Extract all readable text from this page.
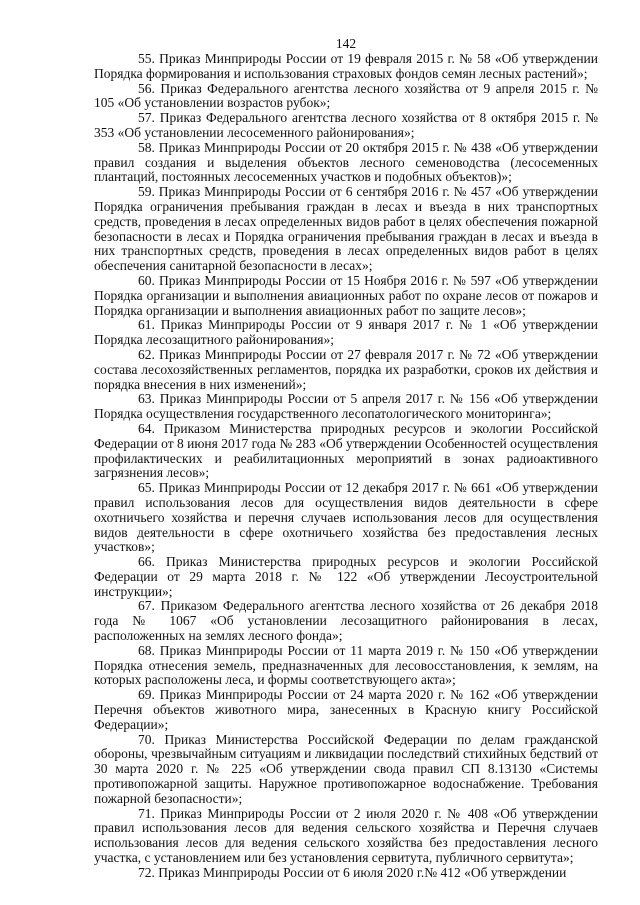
142

55. Приказ Минприроды России от 19 февраля 2015 г. № 58 «Об утверждении Порядка формирования и использования страховых фондов семян лесных растений»;

56. Приказ Федерального агентства лесного хозяйства от 9 апреля 2015 г. № 105 «Об установлении возрастов рубок»;

57. Приказ Федерального агентства лесного хозяйства от 8 октября 2015 г. № 353 «Об установлении лесосеменного районирования»;

58. Приказ Минприроды России от 20 октября 2015 г. № 438 «Об утверждении правил создания и выделения объектов лесного семеноводства (лесосеменных плантаций, постоянных лесосеменных участков и подобных объектов)»;

59. Приказ Минприроды России от 6 сентября 2016 г. № 457 «Об утверждении Порядка ограничения пребывания граждан в лесах и въезда в них транспортных средств, проведения в лесах определенных видов работ в целях обеспечения пожарной безопасности в лесах и Порядка ограничения пребывания граждан в лесах и въезда в них транспортных средств, проведения в лесах определенных видов работ в целях обеспечения санитарной безопасности в лесах»;

60. Приказ Минприроды России от 15 Ноября 2016 г. № 597 «Об утверждении Порядка организации и выполнения авиационных работ по охране лесов от пожаров и Порядка организации и выполнения авиационных работ по защите лесов»;

61. Приказ Минприроды России от 9 января 2017 г. № 1 «Об утверждении Порядка лесозащитного районирования»;

62. Приказ Минприроды России от 27 февраля 2017 г. № 72 «Об утверждении состава лесохозяйственных регламентов, порядка их разработки, сроков их действия и порядка внесения в них изменений»;

63. Приказ Минприроды России от 5 апреля 2017 г. № 156 «Об утверждении Порядка осуществления государственного лесопатологического мониторинга»;

64. Приказом Министерства природных ресурсов и экологии Российской Федерации от 8 июня 2017 года № 283 «Об утверждении Особенностей осуществления профилактических и реабилитационных мероприятий в зонах радиоактивного загрязнения лесов»;

65. Приказ Минприроды России от 12 декабря 2017 г. № 661 «Об утверждении правил использования лесов для осуществления видов деятельности в сфере охотничьего хозяйства и перечня случаев использования лесов для осуществления видов деятельности в сфере охотничьего хозяйства без предоставления лесных участков»;

66. Приказ Министерства природных ресурсов и экологии Российской Федерации от 29 марта 2018 г. № 122 «Об утверждении Лесоустроительной инструкции»;

67. Приказом Федерального агентства лесного хозяйства от 26 декабря 2018 года № 1067 «Об установлении лесозащитного районирования в лесах, расположенных на землях лесного фонда»;

68. Приказ Минприроды России от 11 марта 2019 г. № 150 «Об утверждении Порядка отнесения земель, предназначенных для лесовосстановления, к землям, на которых расположены леса, и формы соответствующего акта»;

69. Приказ Минприроды России от 24 марта 2020 г. № 162 «Об утверждении Перечня объектов животного мира, занесенных в Красную книгу Российской Федерации»;

70. Приказ Министерства Российской Федерации по делам гражданской обороны, чрезвычайным ситуациям и ликвидации последствий стихийных бедствий от 30 марта 2020 г. № 225 «Об утверждении свода правил СП 8.13130 «Системы противопожарной защиты. Наружное противопожарное водоснабжение. Требования пожарной безопасности»;

71. Приказ Минприроды России от 2 июля 2020 г. № 408 «Об утверждении правил использования лесов для ведения сельского хозяйства и Перечня случаев использования лесов для ведения сельского хозяйства без предоставления лесного участка, с установлением или без установления сервитута, публичного сервитута»;

72. Приказ Минприроды России от 6 июля 2020 г.№ 412 «Об утверждении
